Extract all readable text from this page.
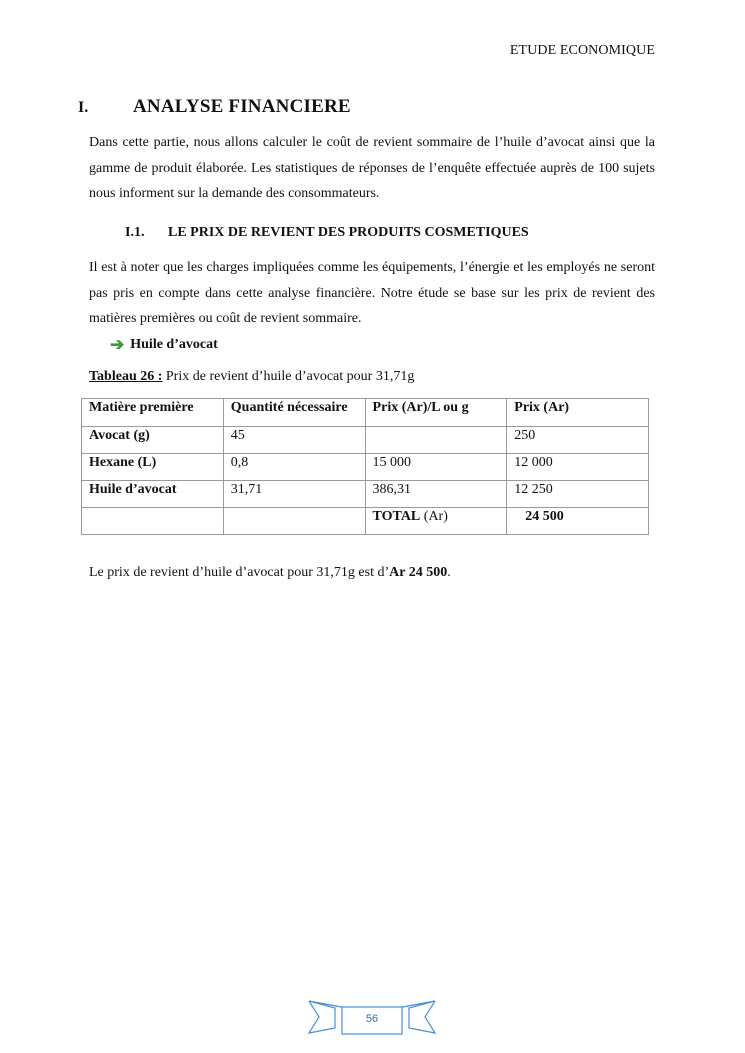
ETUDE ECONOMIQUE
I.	ANALYSE FINANCIERE
Dans cette partie, nous allons calculer le coût de revient sommaire de l’huile d’avocat ainsi que la gamme de produit élaborée. Les statistiques de réponses de l’enquête effectuée auprès de 100 sujets nous informent sur la demande des consommateurs.
I.1.	LE PRIX DE REVIENT DES PRODUITS COSMETIQUES
Il est à noter que les charges impliquées comme les équipements, l’énergie et les employés ne seront pas pris en compte dans cette analyse financière. Notre étude se base sur les prix de revient des matières premières ou coût de revient sommaire.
➔ Huile d’avocat
Tableau 26 : Prix de revient d’huile d’avocat pour 31,71g
Matière première	Quantité nécessaire	Prix (Ar)/L ou g	Prix (Ar)
Avocat (g)	45		250
Hexane (L)	0,8	15 000	12 000
Huile d’avocat	31,71	386,31	12 250
		TOTAL (Ar)	24 500
Le prix de revient d’huile d’avocat pour 31,71g est d’Ar 24 500.
56
